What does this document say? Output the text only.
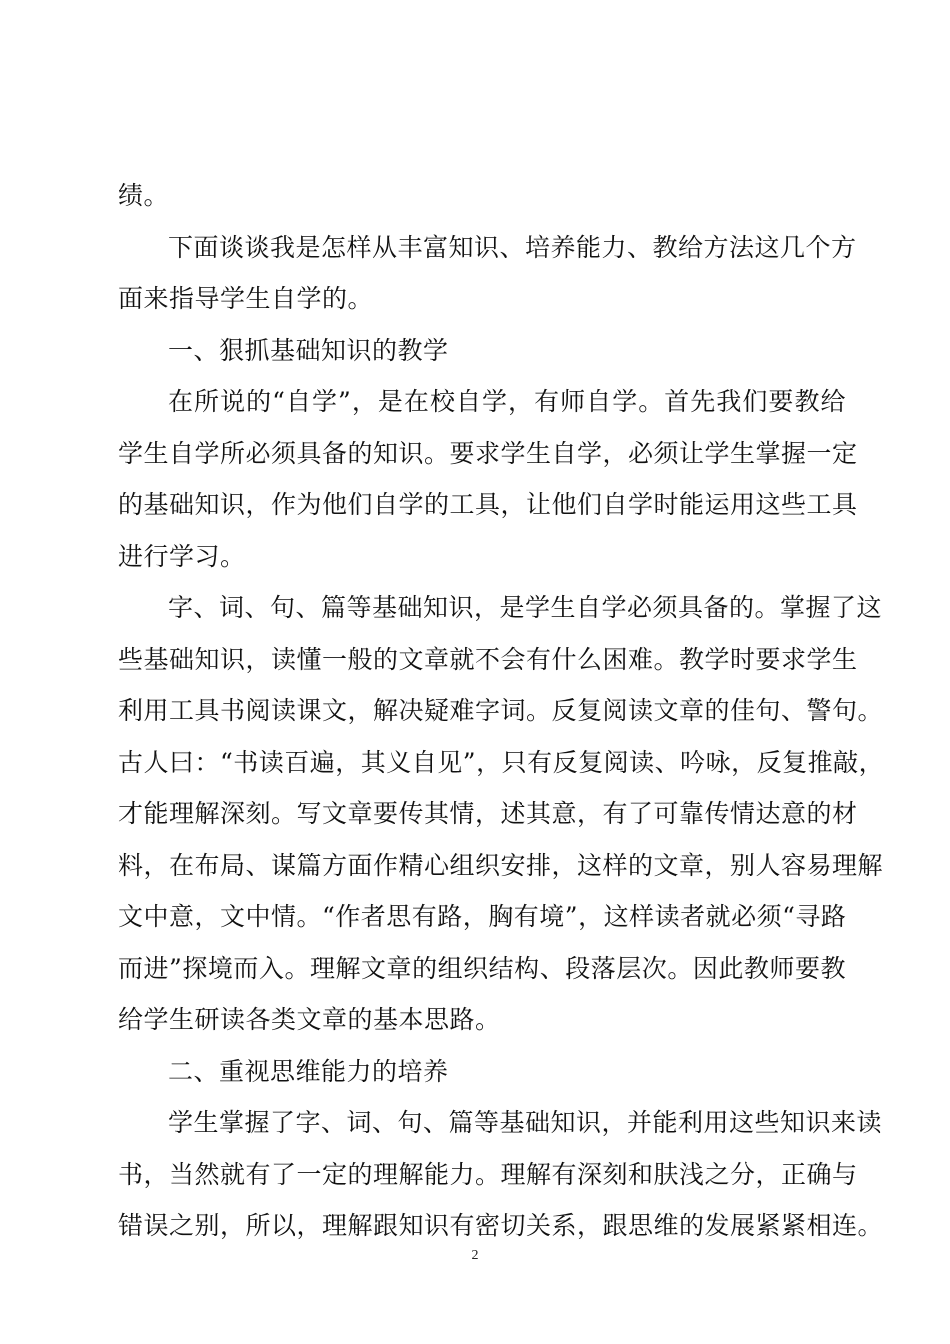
绩。
下面谈谈我是怎样从丰富知识、培养能力、教给方法这几个方
面来指导学生自学的。
一、狠抓基础知识的教学
在所说的“自学”，是在校自学，有师自学。首先我们要教给
学生自学所必须具备的知识。要求学生自学，必须让学生掌握一定
的基础知识，作为他们自学的工具，让他们自学时能运用这些工具
进行学习。
字、词、句、篇等基础知识，是学生自学必须具备的。掌握了这
些基础知识，读懂一般的文章就不会有什么困难。教学时要求学生
利用工具书阅读课文，解决疑难字词。反复阅读文章的佳句、警句。
古人曰：“书读百遍，其义自见”，只有反复阅读、吟咏，反复推敲，
才能理解深刻。写文章要传其情，述其意，有了可靠传情达意的材
料，在布局、谋篇方面作精心组织安排，这样的文章，别人容易理解
文中意，文中情。“作者思有路，胸有境”，这样读者就必须“寻路
而进”探境而入。理解文章的组织结构、段落层次。因此教师要教
给学生研读各类文章的基本思路。
二、重视思维能力的培养
学生掌握了字、词、句、篇等基础知识，并能利用这些知识来读
书，当然就有了一定的理解能力。理解有深刻和肤浅之分，正确与
错误之别，所以，理解跟知识有密切关系，跟思维的发展紧紧相连。
2
